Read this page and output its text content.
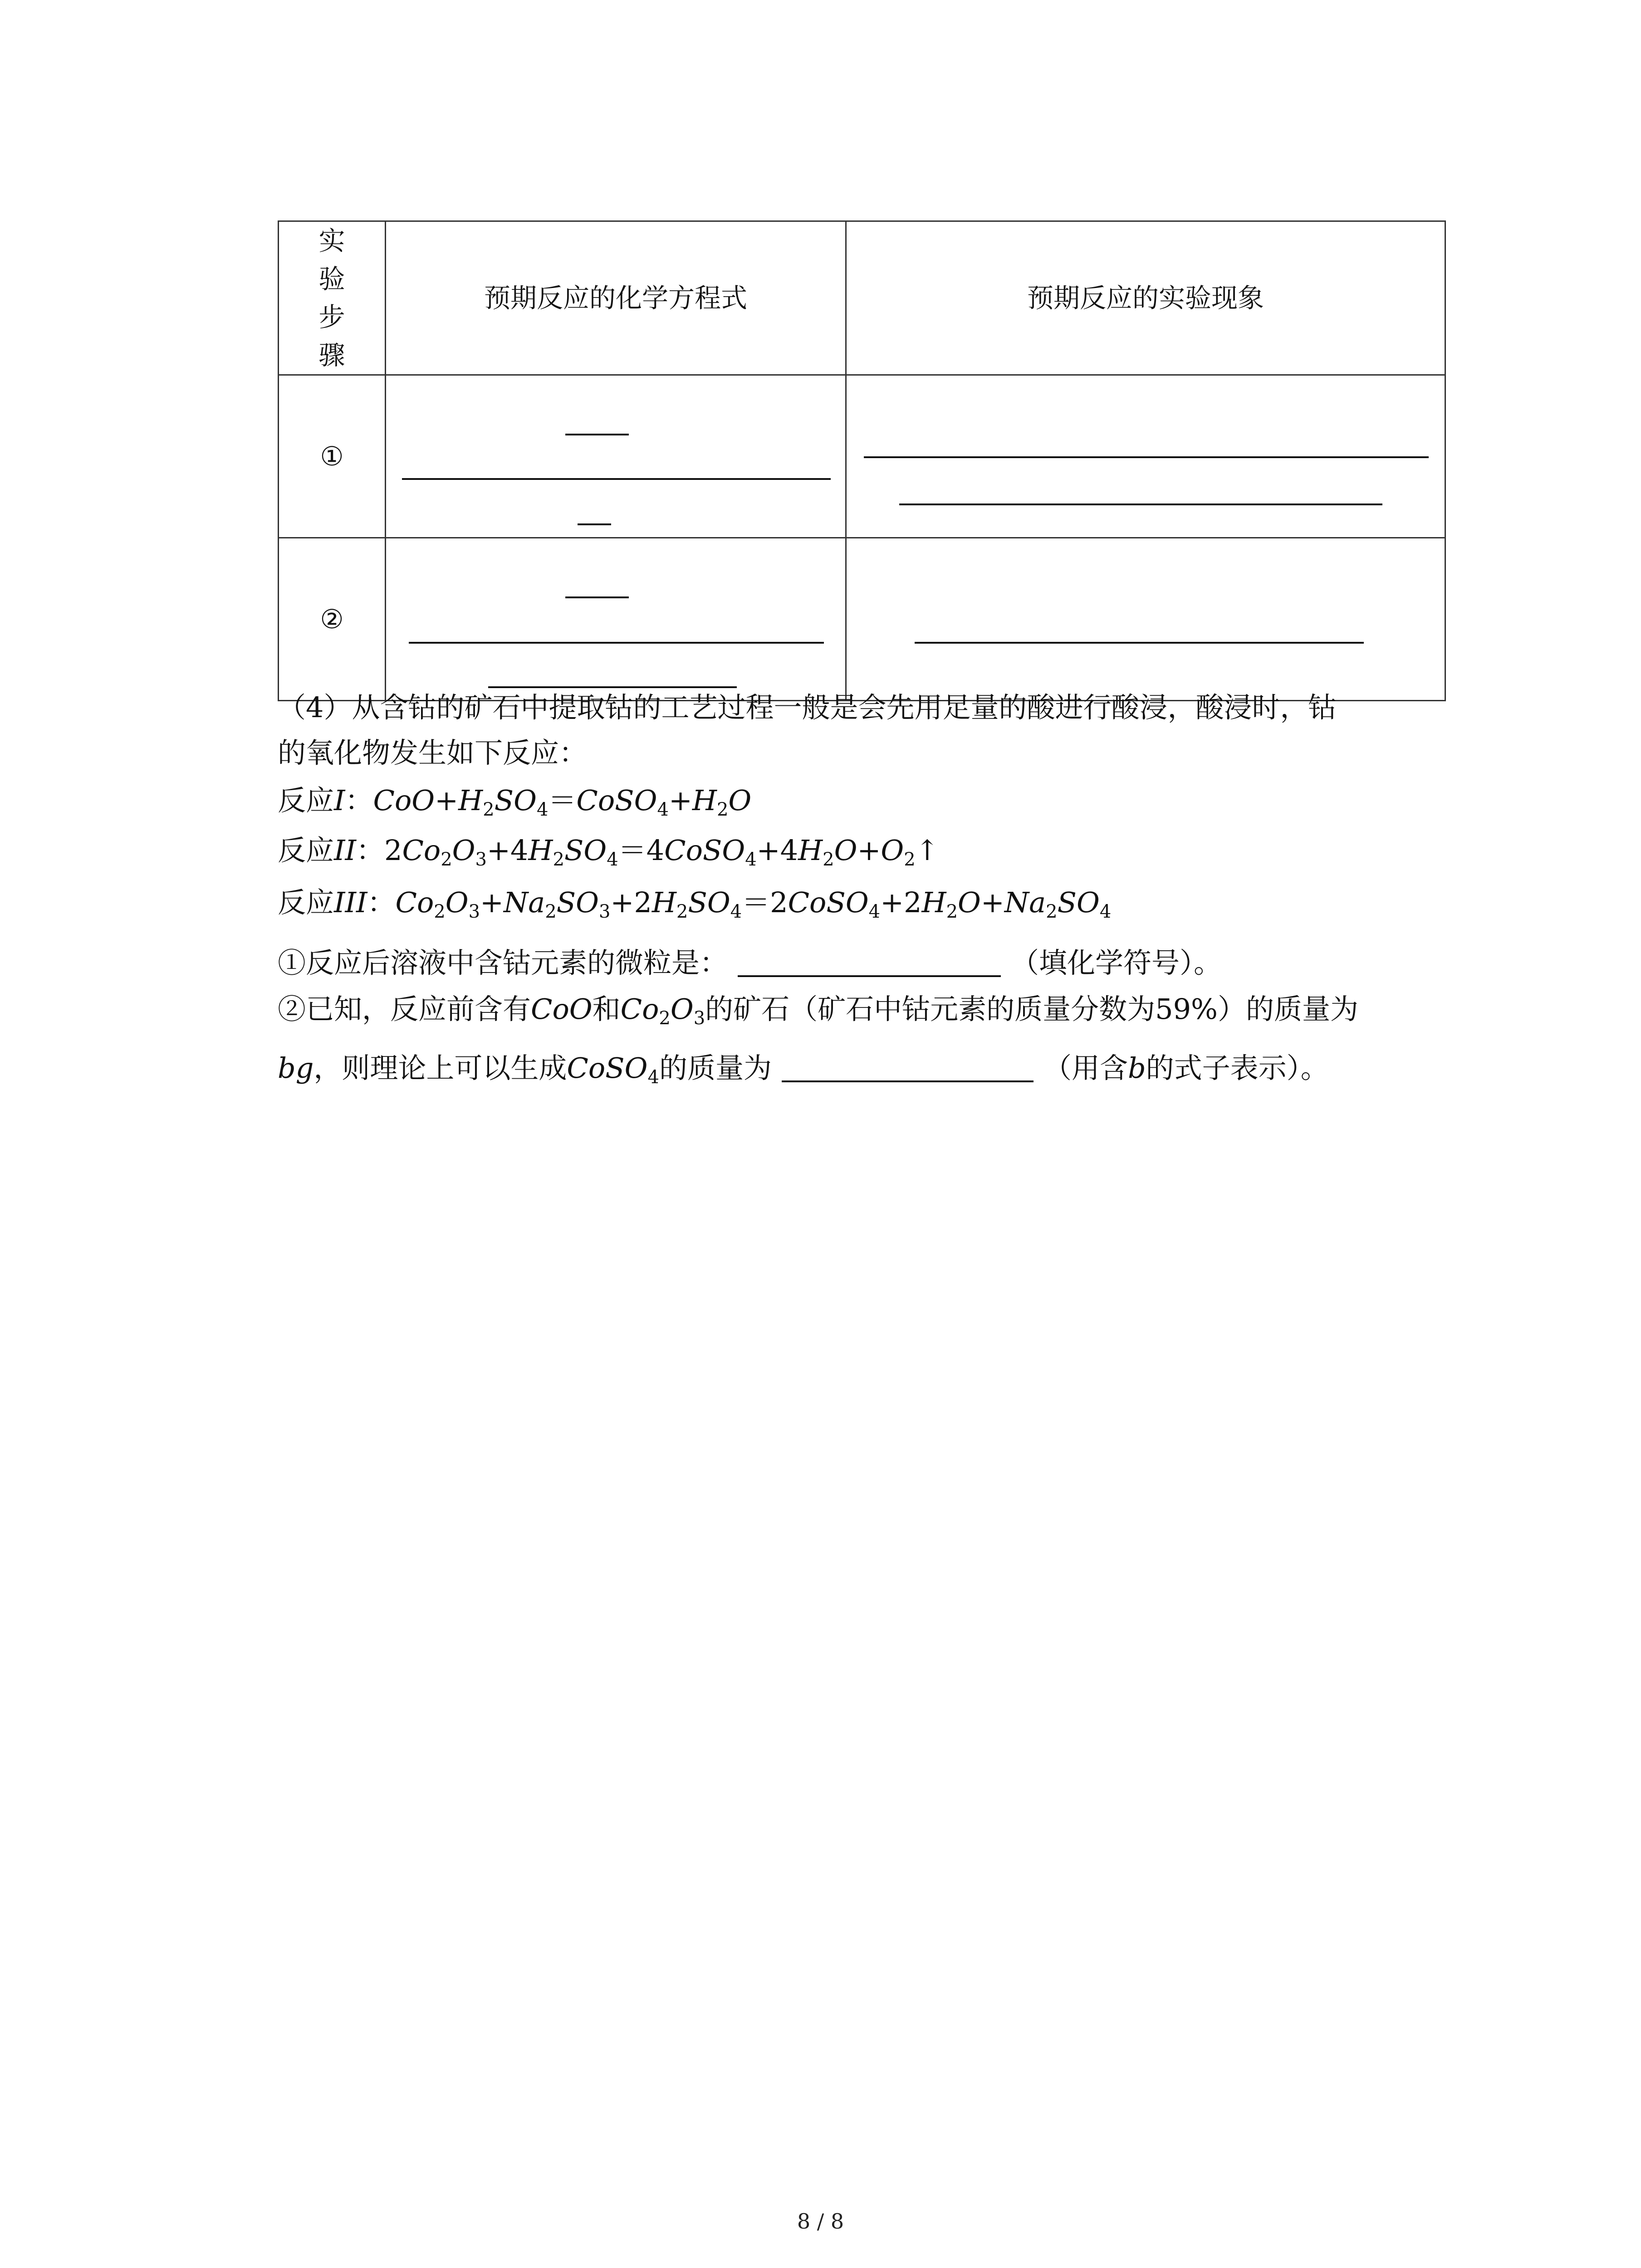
实验步骤	预期反应的化学方程式	预期反应的实验现象
①	

②	

（4）从含钴的矿石中提取钴的工艺过程一般是会先用足量的酸进行酸浸，酸浸时，钴
的氧化物发生如下反应：
反应I：$CoO+H_2SO_4=CoSO_4+H_2O$
反应II：$2Co_2O_3+4H_2SO_4=4CoSO_4+4H_2O+O_2↑$
反应III：$Co_2O_3+Na_2SO_3+2H_2SO_4=2CoSO_4+2H_2O+Na_2SO_4$
①反应后溶液中含钴元素的微粒是：	（填化学符号）。
②已知，反应前含有CoO和$Co_2O_3$的矿石（矿石中钴元素的质量分数为59%）的质量为
bg，则理论上可以生成CoSO$_4$的质量为	（用含b的式子表示）。
8 / 8
